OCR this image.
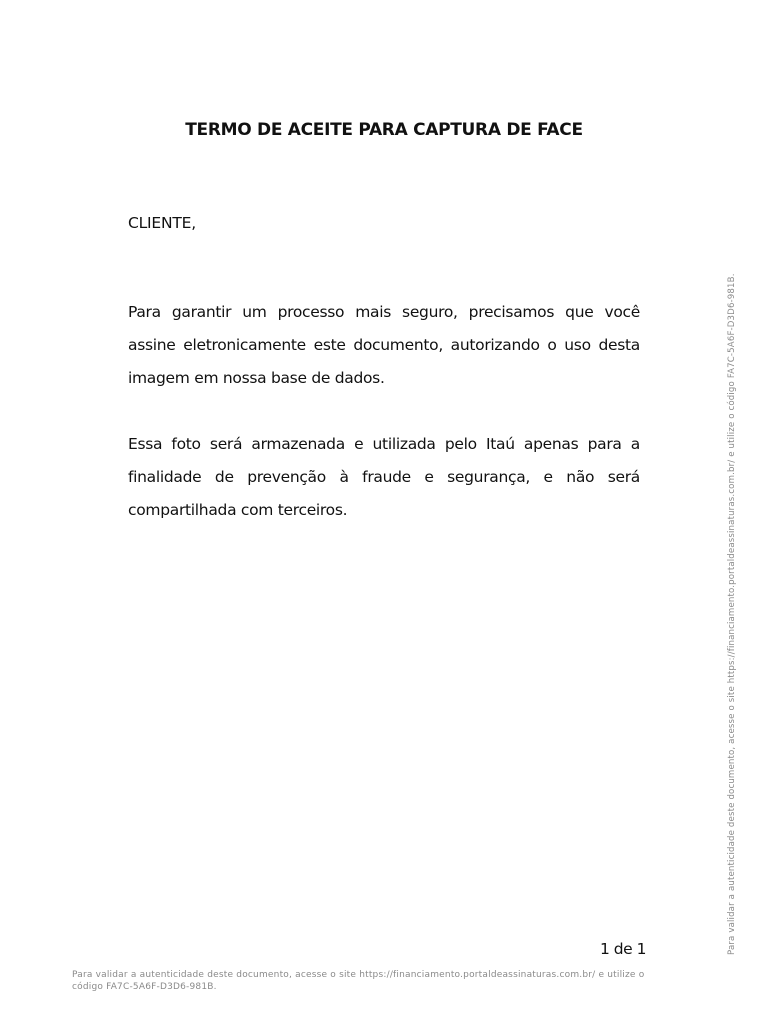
TERMO DE ACEITE PARA CAPTURA DE FACE
CLIENTE,

Para garantir um processo mais seguro, precisamos que você assine eletronicamente este documento, autorizando o uso desta imagem em nossa base de dados.

Essa foto será armazenada e utilizada pelo Itaú apenas para a finalidade de prevenção à fraude e segurança, e não será compartilhada com terceiros.

1 de 1
Para validar a autenticidade deste documento, acesse o site https://financiamento.portaldeassinaturas.com.br/ e utilize o código FA7C-5A6F-D3D6-981B.
Para validar a autenticidade deste documento, acesse o site https://financiamento.portaldeassinaturas.com.br/ e utilize o código FA7C-5A6F-D3D6-981B.
